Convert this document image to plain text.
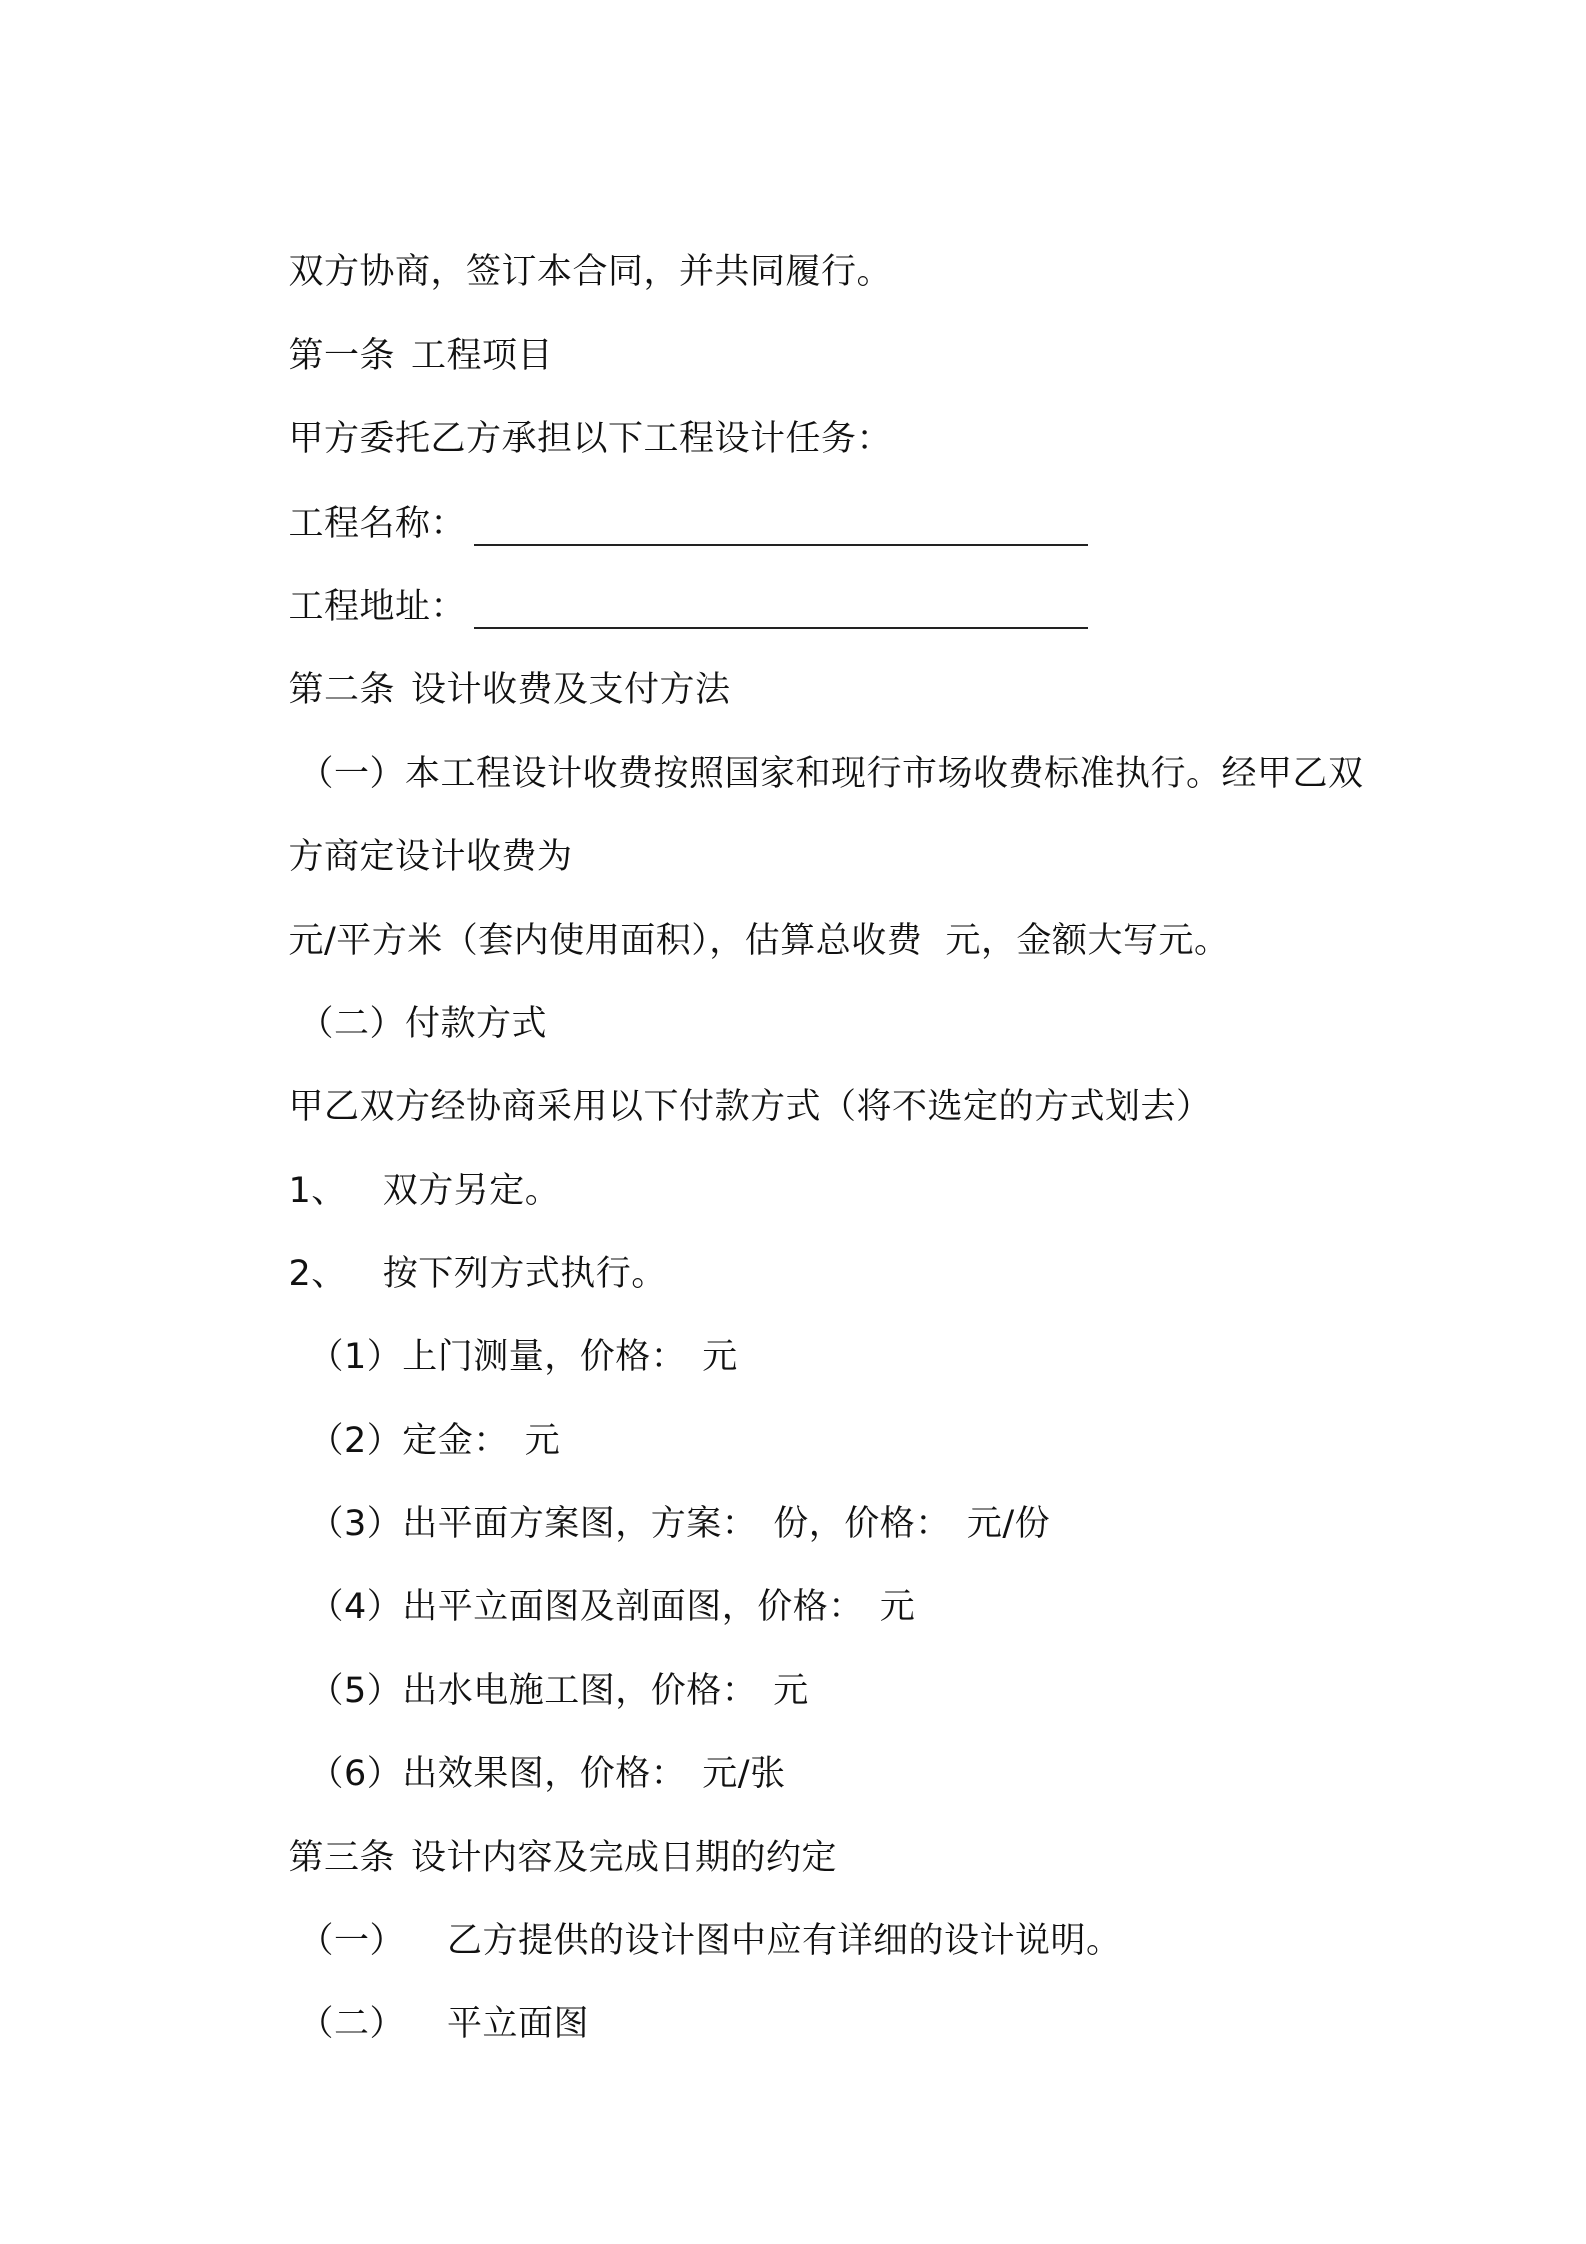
双方协商，签订本合同，并共同履行。

第一条 工程项目

甲方委托乙方承担以下工程设计任务：

工程名称：

工程地址：

第二条 设计收费及支付方法

（一）本工程设计收费按照国家和现行市场收费标准执行。经甲乙双

方商定设计收费为

元/平方米（套内使用面积），估算总收费  元，金额大写元。

（二）付款方式

甲乙双方经协商采用以下付款方式（将不选定的方式划去）

1、 双方另定。

2、 按下列方式执行。

（1）上门测量，价格： 元

（2）定金： 元

（3）出平面方案图，方案： 份，价格： 元/份

（4）出平立面图及剖面图，价格： 元

（5）出水电施工图，价格： 元

（6）出效果图，价格： 元/张

第三条 设计内容及完成日期的约定

（一） 乙方提供的设计图中应有详细的设计说明。

（二） 平立面图
